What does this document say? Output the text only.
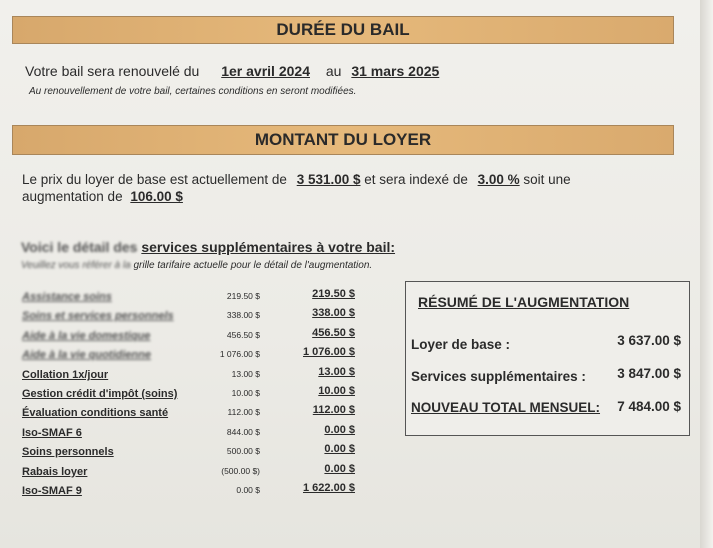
DURÉE DU BAIL
Votre bail sera renouvelé du 1er avril 2024 au 31 mars 2025
Au renouvellement de votre bail, certaines conditions en seront modifiées.
MONTANT DU LOYER
Le prix du loyer de base est actuellement de 3 531.00 $ et sera indexé de 3.00 % soit une
augmentation de 106.00 $
Voici le détail des services supplémentaires à votre bail:
Veuillez vous référer à la grille tarifaire actuelle pour le détail de l'augmentation.
Assistance soins	219.50 $	219.50 $
Soins et services personnels	338.00 $	338.00 $
Aide à la vie domestique	456.50 $	456.50 $
Aide à la vie quotidienne	1 076.00 $	1 076.00 $
Collation 1x/jour	13.00 $	13.00 $
Gestion crédit d'impôt (soins)	10.00 $	10.00 $
Évaluation conditions santé	112.00 $	112.00 $
Iso-SMAF 6	844.00 $	0.00 $
Soins personnels	500.00 $	0.00 $
Rabais loyer	(500.00 $)	0.00 $
Iso-SMAF 9	0.00 $	1 622.00 $
RÉSUMÉ DE L'AUGMENTATION
Loyer de base :	3 637.00 $
Services supplémentaires : 3 847.00 $
NOUVEAU TOTAL MENSUEL: 7 484.00 $
